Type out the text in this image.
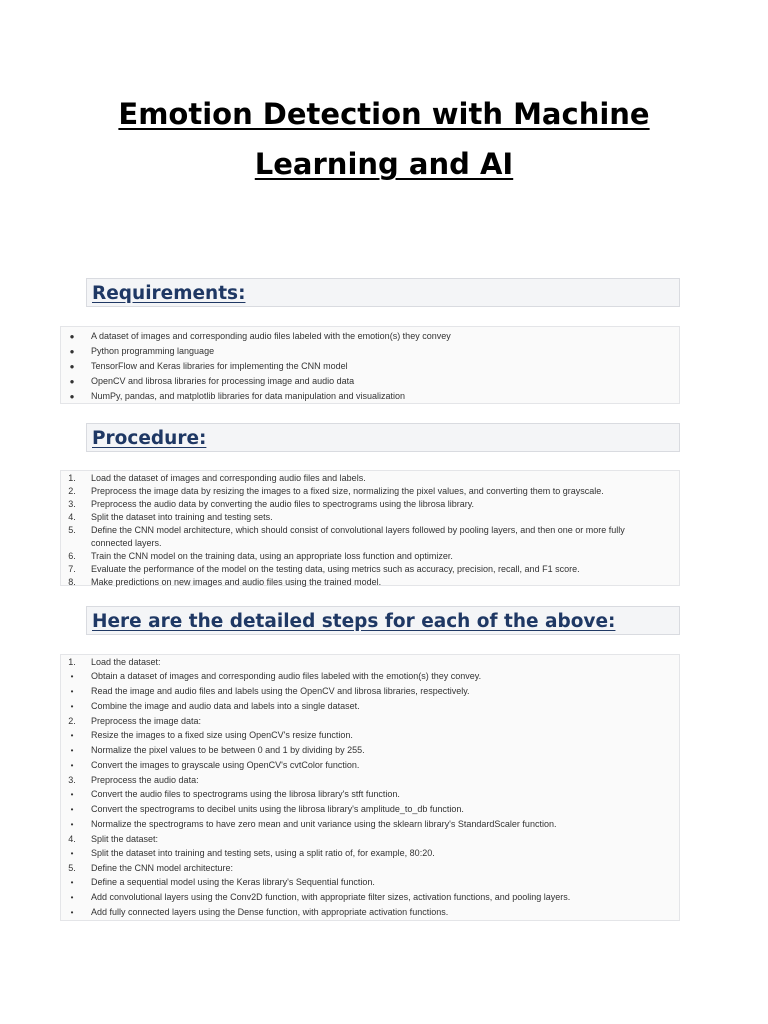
Emotion Detection with Machine
Learning and AI
Requirements:
●	A dataset of images and corresponding audio files labeled with the emotion(s) they convey
●	Python programming language
●	TensorFlow and Keras libraries for implementing the CNN model
●	OpenCV and librosa libraries for processing image and audio data
●	NumPy, pandas, and matplotlib libraries for data manipulation and visualization
Procedure:
1.	Load the dataset of images and corresponding audio files and labels.
2.	Preprocess the image data by resizing the images to a fixed size, normalizing the pixel values, and converting them to grayscale.
3.	Preprocess the audio data by converting the audio files to spectrograms using the librosa library.
4.	Split the dataset into training and testing sets.
5.	Define the CNN model architecture, which should consist of convolutional layers followed by pooling layers, and then one or more fully connected layers.
6.	Train the CNN model on the training data, using an appropriate loss function and optimizer.
7.	Evaluate the performance of the model on the testing data, using metrics such as accuracy, precision, recall, and F1 score.
8.	Make predictions on new images and audio files using the trained model.
Here are the detailed steps for each of the above:
1.	Load the dataset:
•	Obtain a dataset of images and corresponding audio files labeled with the emotion(s) they convey.
•	Read the image and audio files and labels using the OpenCV and librosa libraries, respectively.
•	Combine the image and audio data and labels into a single dataset.
2.	Preprocess the image data:
•	Resize the images to a fixed size using OpenCV's resize function.
•	Normalize the pixel values to be between 0 and 1 by dividing by 255.
•	Convert the images to grayscale using OpenCV's cvtColor function.
3.	Preprocess the audio data:
•	Convert the audio files to spectrograms using the librosa library's stft function.
•	Convert the spectrograms to decibel units using the librosa library's amplitude_to_db function.
•	Normalize the spectrograms to have zero mean and unit variance using the sklearn library's StandardScaler function.
4.	Split the dataset:
•	Split the dataset into training and testing sets, using a split ratio of, for example, 80:20.
5.	Define the CNN model architecture:
•	Define a sequential model using the Keras library's Sequential function.
•	Add convolutional layers using the Conv2D function, with appropriate filter sizes, activation functions, and pooling layers.
•	Add fully connected layers using the Dense function, with appropriate activation functions.
